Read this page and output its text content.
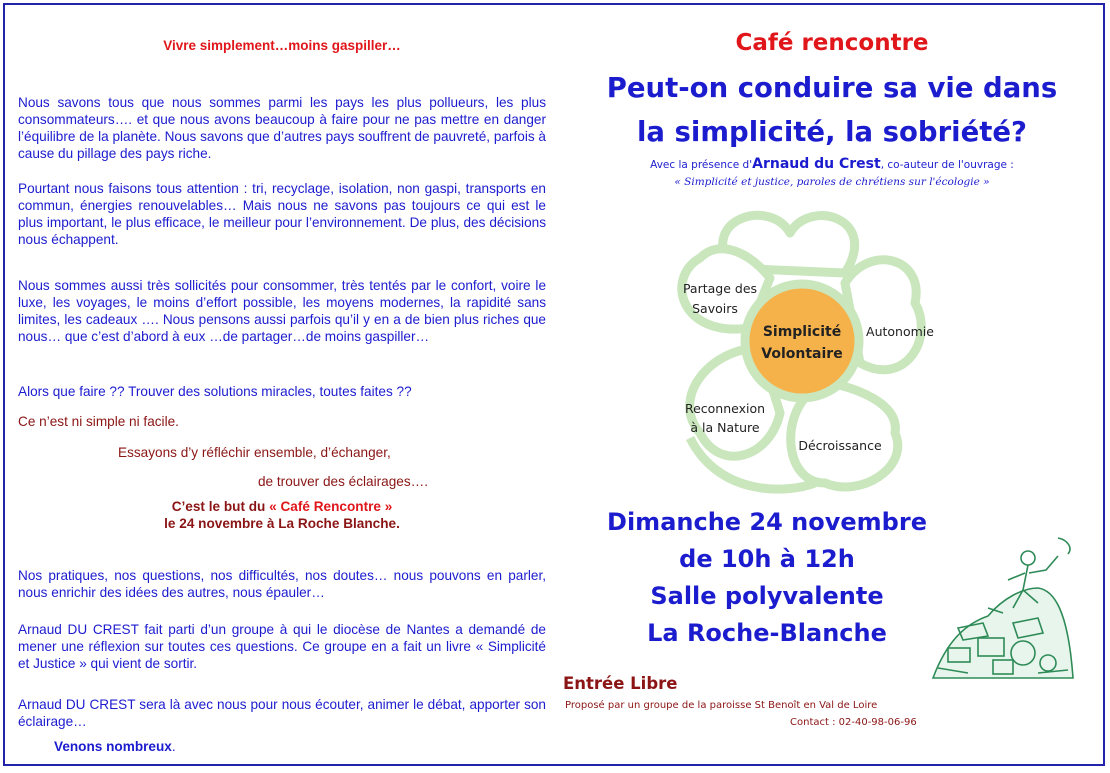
Vivre simplement…moins gaspiller…

Nous savons tous que nous sommes parmi les pays les plus pollueurs, les plus consommateurs…. et que nous avons beaucoup à faire pour ne pas mettre en danger l’équilibre de la planète. Nous savons que d’autres pays souffrent de pauvreté, parfois à cause du pillage des pays riche.

Pourtant nous faisons tous attention : tri, recyclage, isolation, non gaspi, transports en commun, énergies renouvelables… Mais nous ne savons pas toujours ce qui est le plus important, le plus efficace, le meilleur pour l’environnement. De plus, des décisions nous échappent.

Nous sommes aussi très sollicités pour consommer, très tentés par le confort, voire le luxe, les voyages, le moins d’effort possible, les moyens modernes, la rapidité sans limites, les cadeaux …. Nous pensons aussi parfois qu’il y en a de bien plus riches que nous… que c’est d’abord à eux …de partager…de moins gaspiller…

Alors que faire ?? Trouver des solutions miracles, toutes faites ??

Ce n’est ni simple ni facile.

Essayons d’y réfléchir ensemble, d’échanger,

de trouver des éclairages….

C’est le but du « Café Rencontre »
le 24 novembre à La Roche Blanche.

Nos pratiques, nos questions, nos difficultés, nos doutes… nous pouvons en parler, nous enrichir des idées des autres, nous épauler…

Arnaud DU CREST fait parti d’un groupe à qui le diocèse de Nantes a demandé de mener une réflexion sur toutes ces questions. Ce groupe en a fait un livre « Simplicité et Justice » qui vient de sortir.

Arnaud DU CREST sera là avec nous pour nous écouter, animer le débat, apporter son éclairage…

Venons nombreux.
Café rencontre
Peut-on conduire sa vie dans
la simplicité, la sobriété?
Avec la présence d'Arnaud du Crest, co-auteur de l'ouvrage :
« Simplicité et justice, paroles de chrétiens sur l'écologie »
Simplicité
Volontaire
Partage des
Savoirs
Autonomie
Reconnexion
à la Nature
Décroissance
Dimanche 24 novembre
de 10h à 12h
Salle polyvalente
La Roche-Blanche
Entrée Libre
Proposé par un groupe de la paroisse St Benoît en Val de Loire
Contact : 02-40-98-06-96
